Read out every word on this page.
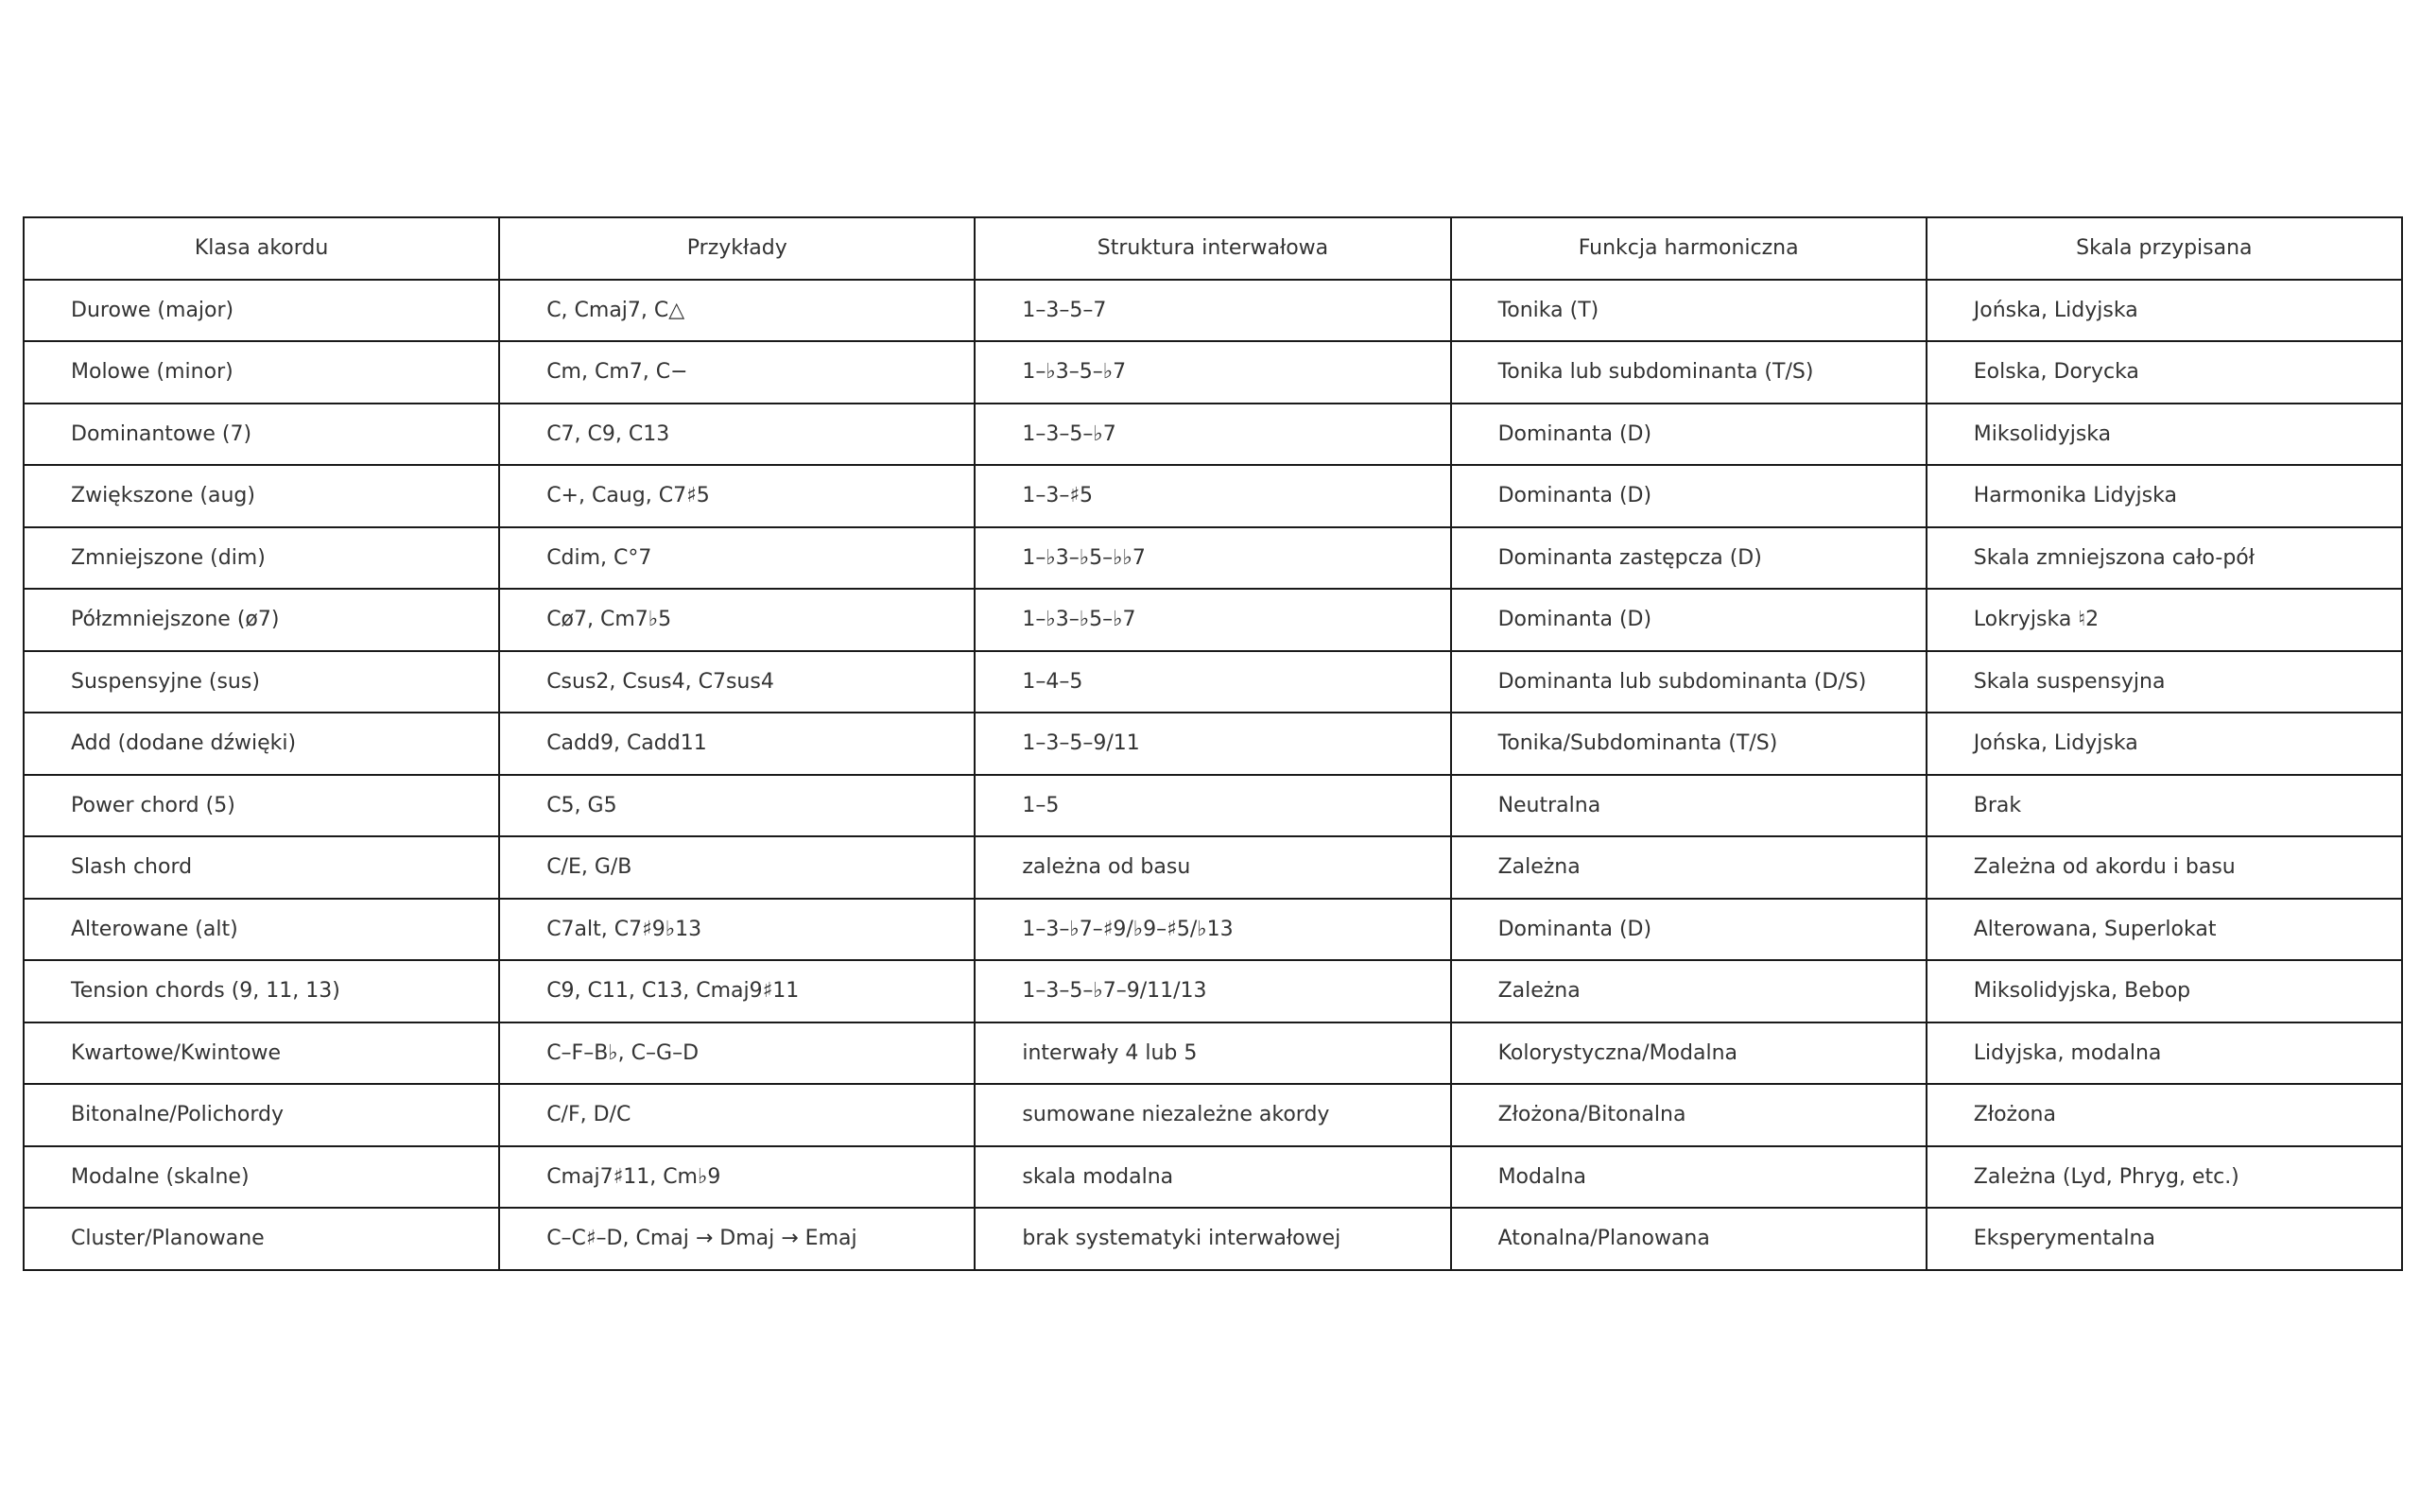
Klasa akordu	Przykłady	Struktura interwałowa	Funkcja harmoniczna	Skala przypisana
Durowe (major)	C, Cmaj7, C△	1–3–5–7	Tonika (T)	Jońska, Lidyjska
Molowe (minor)	Cm, Cm7, C−	1–♭3–5–♭7	Tonika lub subdominanta (T/S)	Eolska, Dorycka
Dominantowe (7)	C7, C9, C13	1–3–5–♭7	Dominanta (D)	Miksolidyjska
Zwiększone (aug)	C+, Caug, C7♯5	1–3–♯5	Dominanta (D)	Harmonika Lidyjska
Zmniejszone (dim)	Cdim, C°7	1–♭3–♭5–♭♭7	Dominanta zastępcza (D)	Skala zmniejszona cało-pół
Półzmniejszone (ø7)	Cø7, Cm7♭5	1–♭3–♭5–♭7	Dominanta (D)	Lokryjska ♮2
Suspensyjne (sus)	Csus2, Csus4, C7sus4	1–4–5	Dominanta lub subdominanta (D/S)	Skala suspensyjna
Add (dodane dźwięki)	Cadd9, Cadd11	1–3–5–9/11	Tonika/Subdominanta (T/S)	Jońska, Lidyjska
Power chord (5)	C5, G5	1–5	Neutralna	Brak
Slash chord	C/E, G/B	zależna od basu	Zależna	Zależna od akordu i basu
Alterowane (alt)	C7alt, C7♯9♭13	1–3–♭7–♯9/♭9–♯5/♭13	Dominanta (D)	Alterowana, Superlokat
Tension chords (9, 11, 13)	C9, C11, C13, Cmaj9♯11	1–3–5–♭7–9/11/13	Zależna	Miksolidyjska, Bebop
Kwartowe/Kwintowe	C–F–B♭, C–G–D	interwały 4 lub 5	Kolorystyczna/Modalna	Lidyjska, modalna
Bitonalne/Polichordy	C/F, D/C	sumowane niezależne akordy	Złożona/Bitonalna	Złożona
Modalne (skalne)	Cmaj7♯11, Cm♭9	skala modalna	Modalna	Zależna (Lyd, Phryg, etc.)
Cluster/Planowane	C–C♯–D, Cmaj → Dmaj → Emaj	brak systematyki interwałowej	Atonalna/Planowana	Eksperymentalna
